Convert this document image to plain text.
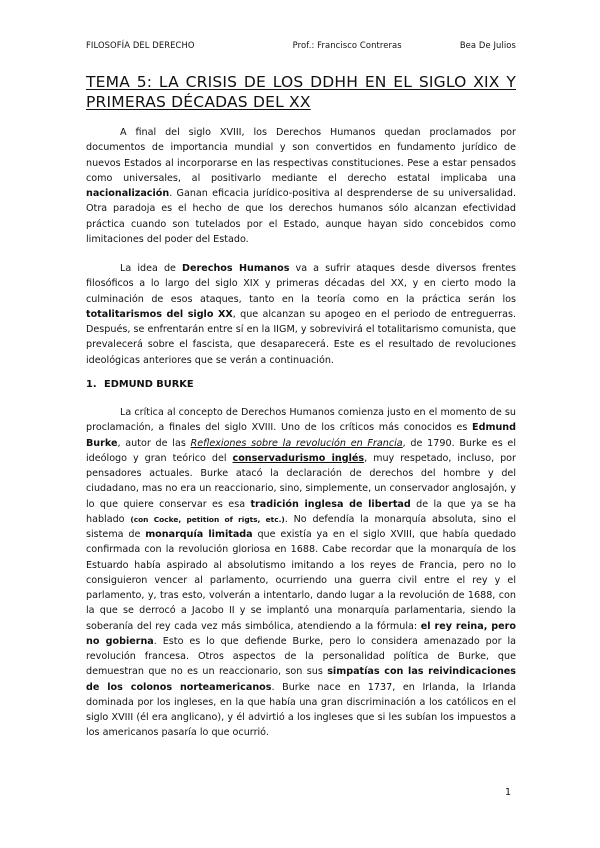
FILOSOFÍA DEL DERECHO	Prof.: Francisco Contreras	Bea De Julios
TEMA 5: LA CRISIS DE LOS DDHH EN EL SIGLO XIX Y PRIMERAS DÉCADAS DEL XX

A final del siglo XVIII, los Derechos Humanos quedan proclamados por documentos de importancia mundial y son convertidos en fundamento jurídico de nuevos Estados al incorporarse en las respectivas constituciones. Pese a estar pensados como universales, al positivarlo mediante el derecho estatal implicaba una nacionalización. Ganan eficacia jurídico-positiva al desprenderse de su universalidad. Otra paradoja es el hecho de que los derechos humanos sólo alcanzan efectividad práctica cuando son tutelados por el Estado, aunque hayan sido concebidos como limitaciones del poder del Estado.

La idea de Derechos Humanos va a sufrir ataques desde diversos frentes filosóficos a lo largo del siglo XIX y primeras décadas del XX, y en cierto modo la culminación de esos ataques, tanto en la teoría como en la práctica serán los totalitarismos del siglo XX, que alcanzan su apogeo en el periodo de entreguerras. Después, se enfrentarán entre sí en la IIGM, y sobrevivirá el totalitarismo comunista, que prevalecerá sobre el fascista, que desaparecerá. Este es el resultado de revoluciones ideológicas anteriores que se verán a continuación.

1. EDMUND BURKE

La crítica al concepto de Derechos Humanos comienza justo en el momento de su proclamación, a finales del siglo XVIII. Uno de los críticos más conocidos es Edmund Burke, autor de las Reflexiones sobre la revolución en Francia, de 1790. Burke es el ideólogo y gran teórico del conservadurismo inglés, muy respetado, incluso, por pensadores actuales. Burke atacó la declaración de derechos del hombre y del ciudadano, mas no era un reaccionario, sino, simplemente, un conservador anglosajón, y lo que quiere conservar es esa tradición inglesa de libertad de la que ya se ha hablado (con Cocke, petition of rigts, etc.). No defendía la monarquía absoluta, sino el sistema de monarquía limitada que existía ya en el siglo XVIII, que había quedado confirmada con la revolución gloriosa en 1688. Cabe recordar que la monarquía de los Estuardo había aspirado al absolutismo imitando a los reyes de Francia, pero no lo consiguieron vencer al parlamento, ocurriendo una guerra civil entre el rey y el parlamento, y, tras esto, volverán a intentarlo, dando lugar a la revolución de 1688, con la que se derrocó a Jacobo II y se implantó una monarquía parlamentaria, siendo la soberanía del rey cada vez más simbólica, atendiendo a la fórmula: el rey reina, pero no gobierna. Esto es lo que defiende Burke, pero lo considera amenazado por la revolución francesa. Otros aspectos de la personalidad política de Burke, que demuestran que no es un reaccionario, son sus simpatías con las reivindicaciones de los colonos norteamericanos. Burke nace en 1737, en Irlanda, la Irlanda dominada por los ingleses, en la que había una gran discriminación a los católicos en el siglo XVIII (él era anglicano), y él advirtió a los ingleses que si les subían los impuestos a los americanos pasaría lo que ocurrió.

1
